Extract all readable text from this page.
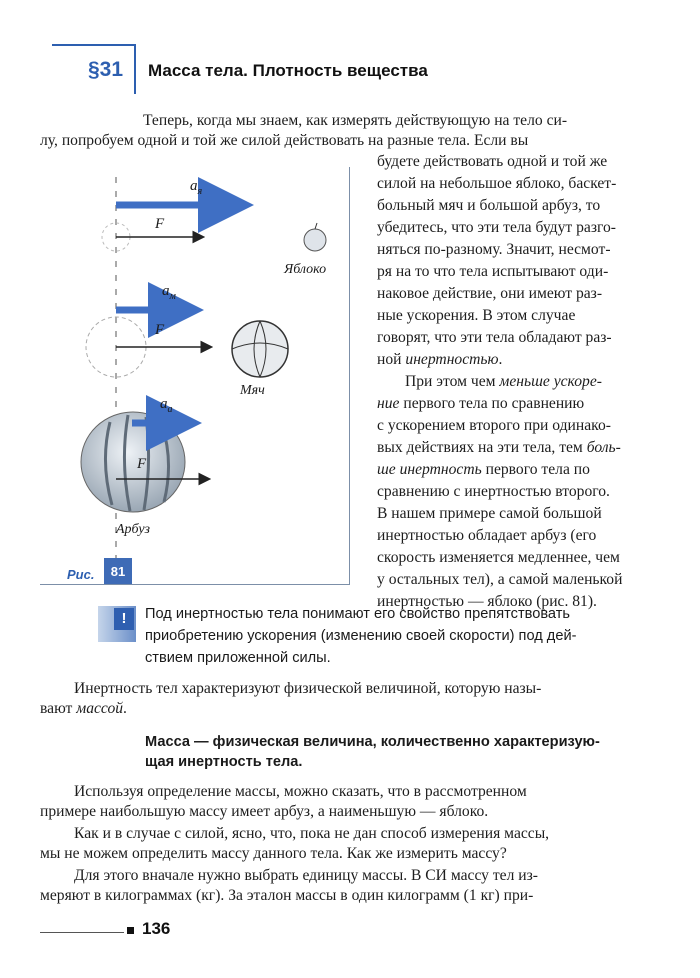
§31 Масса тела. Плотность вещества
Теперь, когда мы знаем, как измерять действующую на тело си-
лу, попробуем одной и той же силой действовать на разные тела. Если вы
будете действовать одной и той же
силой на небольшое яблоко, баскет-
больный мяч и большой арбуз, то
убедитесь, что эти тела будут разго-
няться по-разному. Значит, несмот-
ря на то что тела испытывают оди-
наковое действие, они имеют раз-
ные ускорения. В этом случае
говорят, что эти тела обладают раз-
ной инертностью.
При этом чем меньше ускоре-
ние первого тела по сравнению
с ускорением второго при одинако-
вых действиях на эти тела, тем боль-
ше инертность первого тела по
сравнению с инертностью второго.
В нашем примере самой большой
инертностью обладает арбуз (его
скорость изменяется медленнее, чем
у остальных тел), а самой маленькой
инертностью — яблоко (рис. 81).
$a_я$
F
Яблоко
$a_м$
F
Мяч
$a_а$
F
Арбуз
Рис.	81
!	Под инертностью тела понимают его свойство препятствовать
приобретению ускорения (изменению своей скорости) под дей-
ствием приложенной силы.
Инертность тел характеризуют физической величиной, которую назы-
вают массой.
Масса — физическая величина, количественно характеризую-
щая инертность тела.
Используя определение массы, можно сказать, что в рассмотренном
примере наибольшую массу имеет арбуз, а наименьшую — яблоко.
Как и в случае с силой, ясно, что, пока не дан способ измерения массы,
мы не можем определить массу данного тела. Как же измерить массу?
Для этого вначале нужно выбрать единицу массы. В СИ массу тел из-
меряют в килограммах (кг). За эталон массы в один килограмм (1 кг) при-
136
